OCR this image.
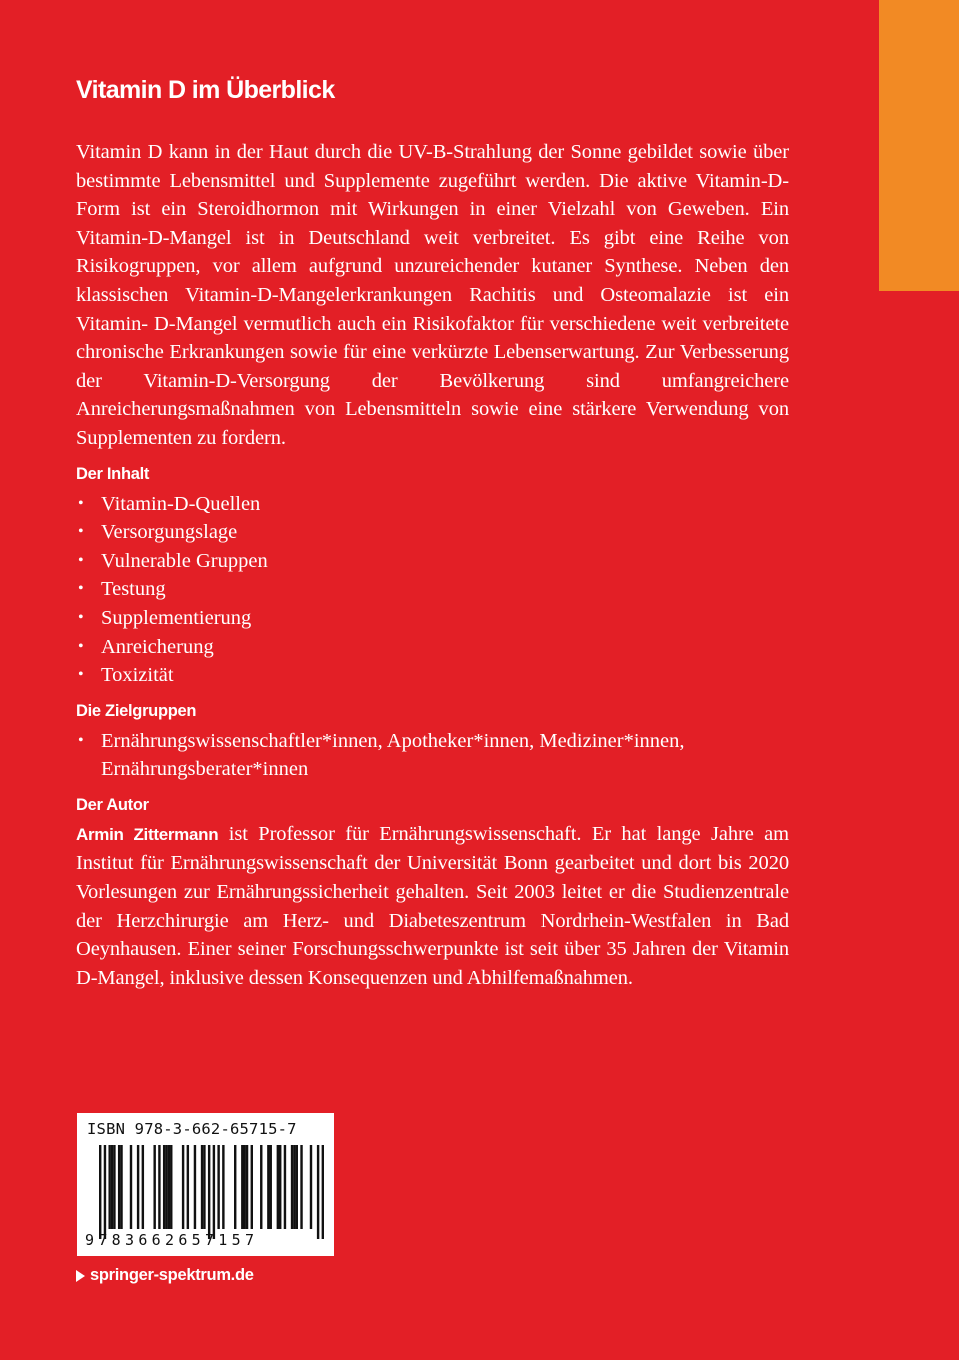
Vitamin D im Überblick

Vitamin D kann in der Haut durch die UV-B-Strahlung der Sonne gebildet sowie über bestimmte Lebensmittel und Supplemente zugeführt werden. Die aktive Vitamin-D-Form ist ein Steroidhormon mit Wirkungen in einer Vielzahl von Geweben. Ein Vitamin-D-Mangel ist in Deutschland weit verbreitet. Es gibt eine Reihe von Risikogruppen, vor allem aufgrund unzureichender kutaner Synthese. Neben den klassischen Vitamin-D-Mangelerkrankungen Rachitis und Osteomalazie ist ein Vitamin- D-Mangel vermutlich auch ein Risikofaktor für verschiedene weit verbreitete chronische Erkrankungen sowie für eine verkürzte Lebenserwartung. Zur Verbesserung der Vitamin-D-Versorgung der Bevölkerung sind umfangreichere Anreicherungsmaßnahmen von Lebensmitteln sowie eine stärkere Verwendung von Supplementen zu fordern.

Der Inhalt
• Vitamin-D-Quellen
• Versorgungslage
• Vulnerable Gruppen
• Testung
• Supplementierung
• Anreicherung
• Toxizität
Die Zielgruppen
• Ernährungswissenschaftler*innen, Apotheker*innen, Mediziner*innen, Ernährungsberater*innen
Der Autor

Armin Zittermann ist Professor für Ernährungswissenschaft. Er hat lange Jahre am Institut für Ernährungswissenschaft der Universität Bonn gearbeitet und dort bis 2020 Vorlesungen zur Ernährungssicherheit gehalten. Seit 2003 leitet er die Studienzentrale der Herzchirurgie am Herz- und Diabeteszentrum Nordrhein-Westfalen in Bad Oeynhausen. Einer seiner Forschungsschwerpunkte ist seit über 35 Jahren der Vitamin D-Mangel, inklusive dessen Konsequenzen und Abhilfemaßnahmen.

ISBN 978-3-662-65715-7
9783662657157
springer-spektrum.de
